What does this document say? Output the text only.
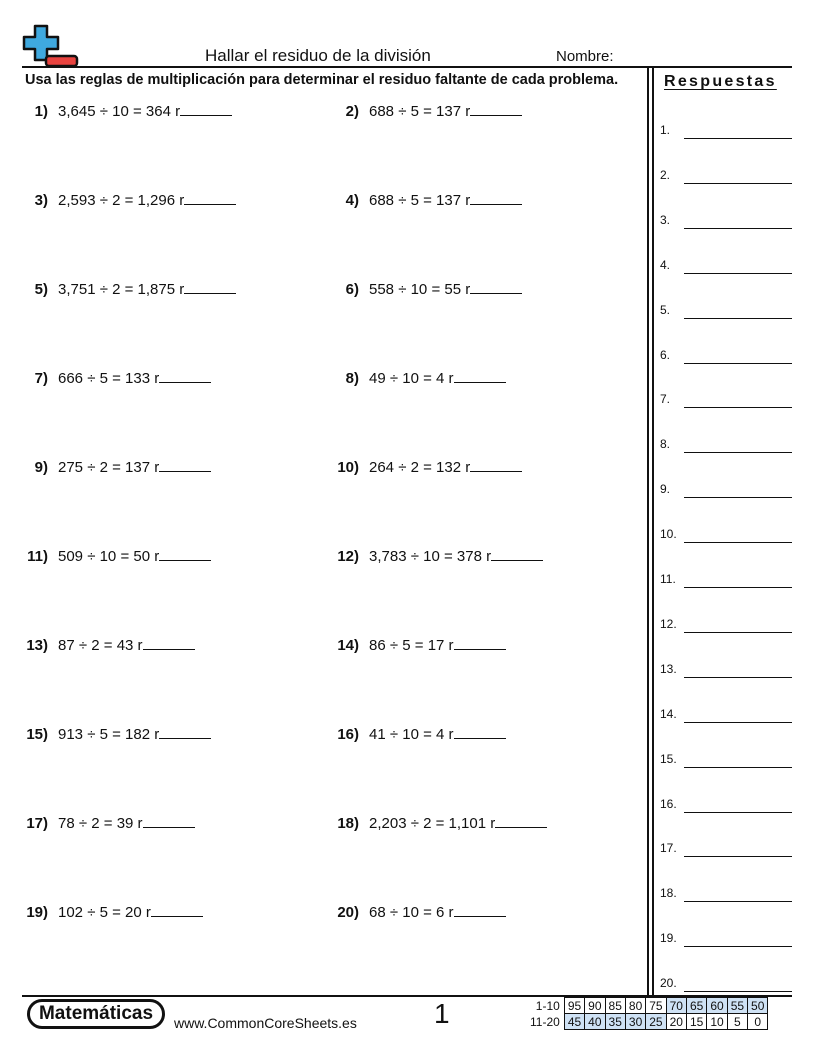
Hallar el residuo de la división	Nombre:
Usa las reglas de multiplicación para determinar el residuo faltante de cada problema.	Respuestas
1) 3,645 ÷ 10 = 364 r	2) 688 ÷ 5 = 137 r
3) 2,593 ÷ 2 = 1,296 r	4) 688 ÷ 5 = 137 r
5) 3,751 ÷ 2 = 1,875 r	6) 558 ÷ 10 = 55 r
7) 666 ÷ 5 = 133 r	8) 49 ÷ 10 = 4 r
9) 275 ÷ 2 = 137 r	10) 264 ÷ 2 = 132 r
11) 509 ÷ 10 = 50 r	12) 3,783 ÷ 10 = 378 r
13) 87 ÷ 2 = 43 r	14) 86 ÷ 5 = 17 r
15) 913 ÷ 5 = 182 r	16) 41 ÷ 10 = 4 r
17) 78 ÷ 2 = 39 r	18) 2,203 ÷ 2 = 1,101 r
19) 102 ÷ 5 = 20 r	20) 68 ÷ 10 = 6 r
1.
2.
3.
4.
5.
6.
7.
8.
9.
10.
11.
12.
13.
14.
15.
16.
17.
18.
19.
20.
Matemáticas	www.CommonCoreSheets.es	1	1-10	95	90	85	80	75	70	65	60	55	50
11-20	45	40	35	30	25	20	15	10	5	0
